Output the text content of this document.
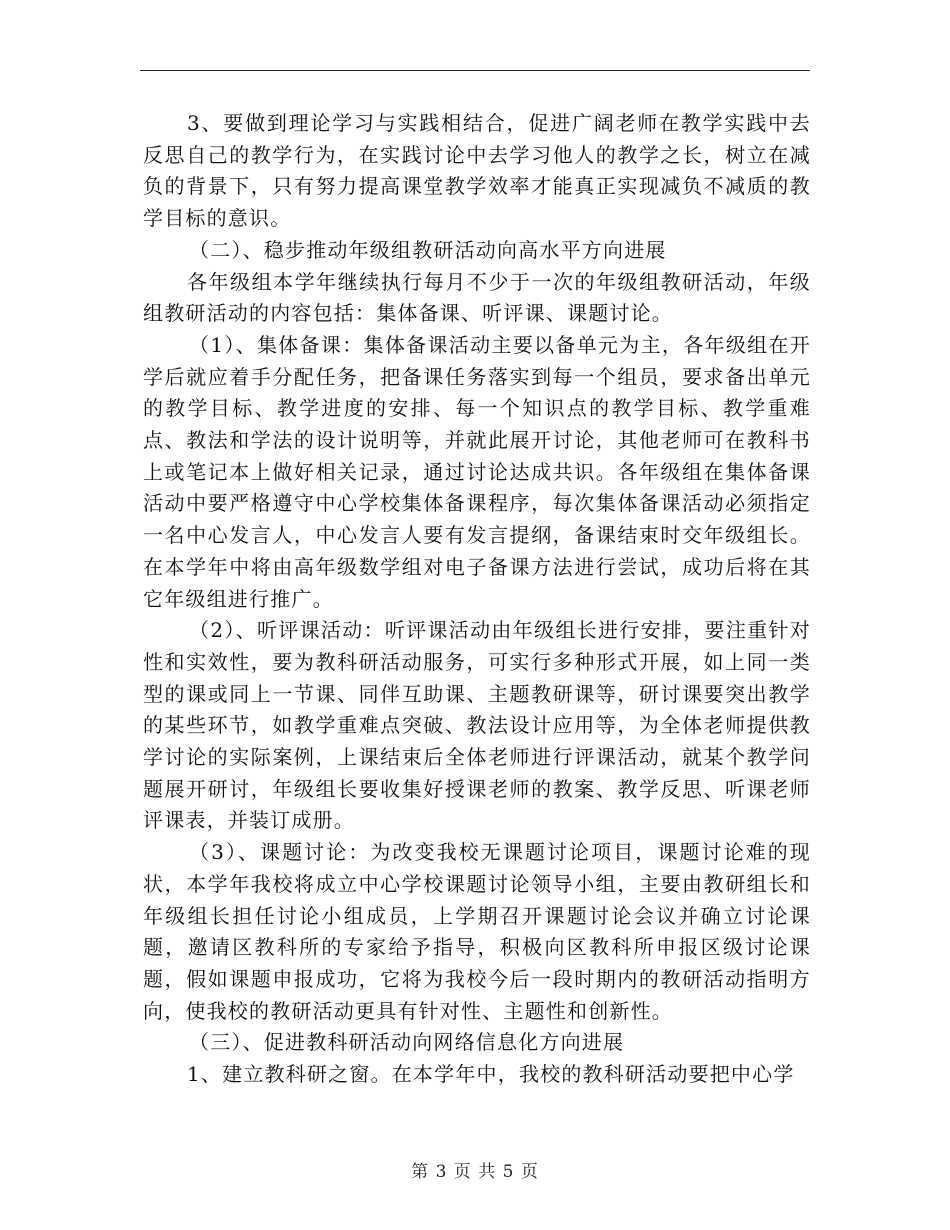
3、要做到理论学习与实践相结合，促进广阔老师在教学实践中去反思自己的教学行为，在实践讨论中去学习他人的教学之长，树立在减负的背景下，只有努力提高课堂教学效率才能真正实现减负不减质的教学目标的意识。

（二）、稳步推动年级组教研活动向高水平方向进展

各年级组本学年继续执行每月不少于一次的年级组教研活动，年级组教研活动的内容包括：集体备课、听评课、课题讨论。

（1）、集体备课：集体备课活动主要以备单元为主，各年级组在开学后就应着手分配任务，把备课任务落实到每一个组员，要求备出单元的教学目标、教学进度的安排、每一个知识点的教学目标、教学重难点、教法和学法的设计说明等，并就此展开讨论，其他老师可在教科书上或笔记本上做好相关记录，通过讨论达成共识。各年级组在集体备课活动中要严格遵守中心学校集体备课程序，每次集体备课活动必须指定一名中心发言人，中心发言人要有发言提纲，备课结束时交年级组长。在本学年中将由高年级数学组对电子备课方法进行尝试，成功后将在其它年级组进行推广。

（2）、听评课活动：听评课活动由年级组长进行安排，要注重针对性和实效性，要为教科研活动服务，可实行多种形式开展，如上同一类型的课或同上一节课、同伴互助课、主题教研课等，研讨课要突出教学的某些环节，如教学重难点突破、教法设计应用等，为全体老师提供教学讨论的实际案例，上课结束后全体老师进行评课活动，就某个教学问题展开研讨，年级组长要收集好授课老师的教案、教学反思、听课老师评课表，并装订成册。

（3）、课题讨论：为改变我校无课题讨论项目，课题讨论难的现状，本学年我校将成立中心学校课题讨论领导小组，主要由教研组长和年级组长担任讨论小组成员，上学期召开课题讨论会议并确立讨论课题，邀请区教科所的专家给予指导，积极向区教科所申报区级讨论课题，假如课题申报成功，它将为我校今后一段时期内的教研活动指明方向，使我校的教研活动更具有针对性、主题性和创新性。

（三）、促进教科研活动向网络信息化方向进展

1、建立教科研之窗。在本学年中，我校的教科研活动要把中心学

第 3 页 共 5 页
